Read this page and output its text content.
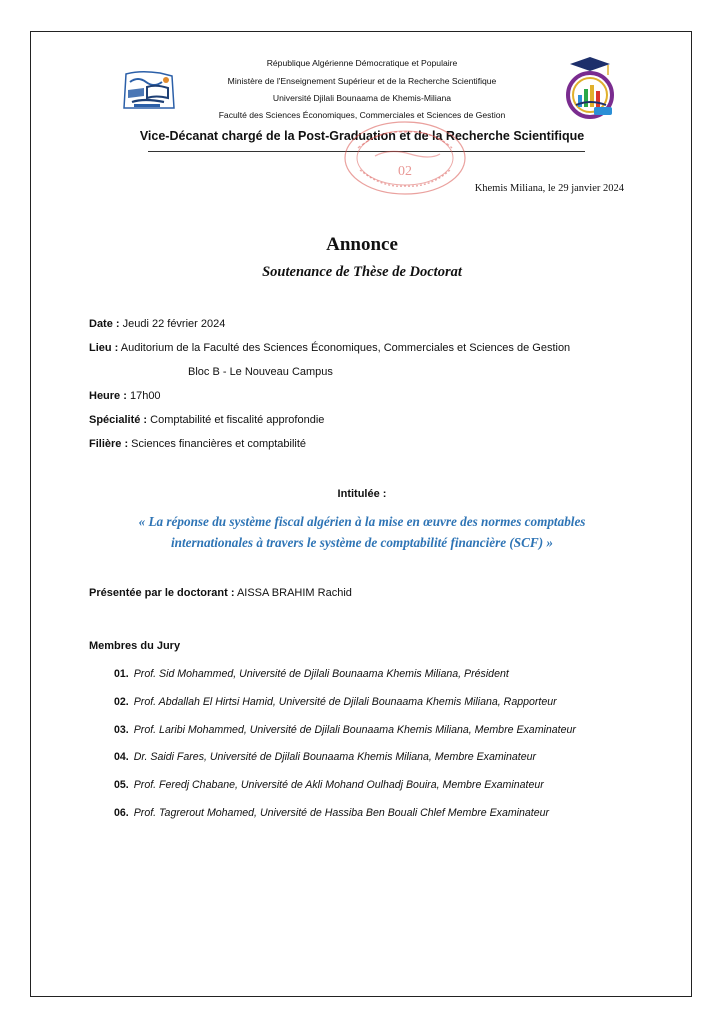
République Algérienne Démocratique et Populaire
Ministère de l'Enseignement Supérieur et de la Recherche Scientifique
Université Djilali Bounaama de Khemis-Miliana
Faculté des Sciences Économiques, Commerciales et Sciences de Gestion
Vice-Décanat chargé de la Post-Graduation et de la Recherche Scientifique
02
Khemis Miliana, le 29 janvier 2024
Annonce
Soutenance de Thèse de Doctorat
Date : Jeudi 22 février 2024
Lieu : Auditorium de la Faculté des Sciences Économiques, Commerciales et Sciences de Gestion
Bloc B - Le Nouveau Campus
Heure : 17h00
Spécialité : Comptabilité et fiscalité approfondie
Filière : Sciences financières et comptabilité
Intitulée :
« La réponse du système fiscal algérien à la mise en œuvre des normes comptables
internationales à travers le système de comptabilité financière (SCF) »
Présentée par le doctorant : AISSA BRAHIM Rachid
Membres du Jury
01. Prof. Sid Mohammed, Université de Djilali Bounaama Khemis Miliana, Président
02. Prof. Abdallah El Hirtsi Hamid, Université de Djilali Bounaama Khemis Miliana, Rapporteur
03. Prof. Laribi Mohammed, Université de Djilali Bounaama Khemis Miliana, Membre Examinateur
04. Dr. Saidi Fares, Université de Djilali Bounaama Khemis Miliana, Membre Examinateur
05. Prof. Feredj Chabane, Université de Akli Mohand Oulhadj Bouira, Membre Examinateur
06. Prof. Tagrerout Mohamed, Université de Hassiba Ben Bouali Chlef Membre Examinateur
